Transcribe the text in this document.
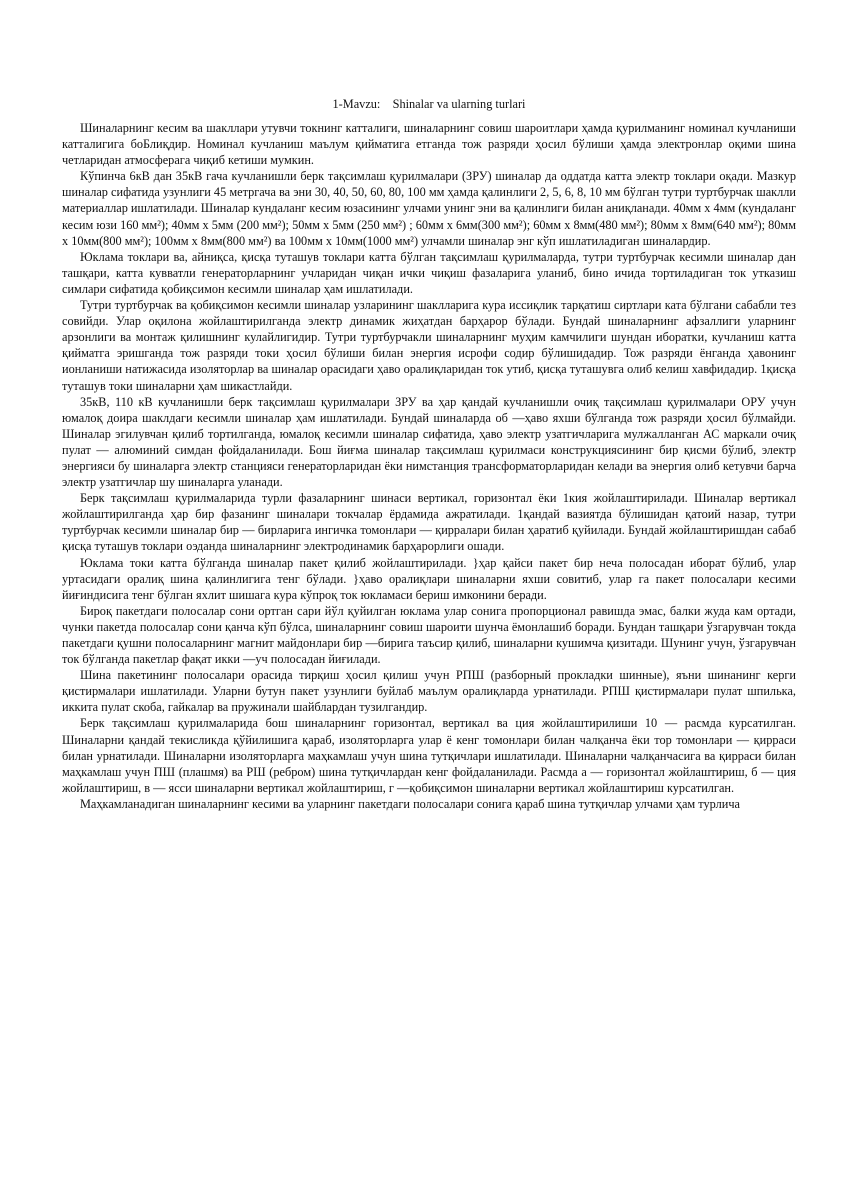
1-Mavzu:    Shinalar va ularning turlari

Шиналарнинг кесим ва шакллари утувчи токнинг катталиги, шиналарнинг совиш шароитлари ҳамда қурилманинг номинал кучланиши катталигига боБлиқдир. Номинал кучланиш маълум қийматига етганда тож разряди ҳосил бўлиши ҳамда электронлар оқими шина четларидан атмосферага чиқиб кетиши мумкин.

Кўпинча 6кВ дан 35кВ гача кучланишли берк тақсимлаш қурилмалари (ЗРУ) шиналар да оддатда катта электр токлари оқади. Мазкур шиналар сифатида узунлиги 45 метргача ва эни 30, 40, 50, 60, 80, 100 мм ҳамда қалинлиги 2, 5, 6, 8, 10 мм бўлган тутри туртбурчак шаклли материаллар ишлатилади. Шиналар кундаланг кесим юзасининг улчами унинг эни ва қалинлиги билан аниқланади. 40мм х 4мм (кундаланг кесим юзи 160 мм²); 40мм х 5мм (200 мм²); 50мм х 5мм (250 мм²) ; 60мм х 6мм(300 мм²); 60мм х 8мм(480 мм²); 80мм х 8мм(640 мм²); 80мм х 10мм(800 мм²); 100мм х 8мм(800 мм²) ва 100мм х 10мм(1000 мм²) улчамли шиналар энг кўп ишлатиладиган шиналардир.

Юклама токлари ва, айниқса, қисқа туташув токлари катта бўлган тақсимлаш қурилмаларда, тутри туртбурчак кесимли шиналар дан ташқари, катта кувватли генераторларнинг учларидан чиқан ички чиқиш фазаларига уланиб, бино ичида тортиладиган ток утказиш симлари сифатида қобиқсимон кесимли шиналар ҳам ишлатилади.

Тутри туртбурчак ва қобиқсимон кесимли шиналар узларининг шаклларига кура иссиқлик тарқатиш сиртлари ката бўлгани сабабли тез совийди. Улар оқилона жойлаштирилганда электр динамик жиҳатдан барҳарор бўлади. Бундай шиналарнинг афзаллиги уларнинг арзонлиги ва монтаж қилишнинг кулайлигидир. Тутри туртбурчакли шиналарнинг муҳим камчилиги шундан иборатки, кучланиш катта қийматга эришганда тож разряди токи ҳосил бўлиши билан энергия исрофи содир бўлишидадир. Тож разряди ёнганда ҳавонинг ионланиши натижасида изоляторлар ва шиналар орасидаги ҳаво оралиқларидан ток утиб, қисқа туташувга олиб келиш хавфидадир. 1қисқа туташув токи шиналарни ҳам шикастлайди.

35кВ, 110 кВ кучланишли берк тақсимлаш қурилмалари ЗРУ ва ҳар қандай кучланишли очиқ тақсимлаш қурилмалари ОРУ учун юмалоқ доира шаклдаги кесимли шиналар ҳам ишлатилади. Бундай шиналарда об —ҳаво яхши бўлганда тож разряди ҳосил бўлмайди. Шиналар эгилувчан қилиб тортилганда, юмалоқ кесимли шиналар сифатида, ҳаво электр узатгичларига мулжалланган АС маркали очиқ пулат — алюминий симдан фойдаланилади. Бош йиғма шиналар тақсимлаш қурилмаси конструкциясининг бир қисми бўлиб, электр энергияси бу шиналарга электр станцияси генераторларидан ёки нимстанция трансформаторларидан келади ва энергия олиб кетувчи барча электр узатгичлар шу шиналарга уланади.

Берк тақсимлаш қурилмаларида турли фазаларнинг шинаси вертикал, горизонтал ёки 1кия жойлаштирилади. Шиналар вертикал жойлаштирилганда ҳар бир фазанинг шиналари токчалар ёрдамида ажратилади. 1қандай вазиятда бўлишидан қатоий назар, тутри туртбурчак кесимли шиналар бир — бирларига ингичка томонлари — қирралари билан ҳаратиб қуйилади. Бундай жойлаштиришдан сабаб қисқа туташув токлари оэданда шиналарнинг электродинамик барҳарорлиги ошади.

Юклама токи катта бўлганда шиналар пакет қилиб жойлаштирилади. }ҳар қайси пакет бир неча полосадан иборат бўлиб, улар уртасидаги оралиқ шина қалинлигига тенг бўлади. }ҳаво оралиқлари шиналарни яхши совитиб, улар га пакет полосалари кесими йиғиндисига тенг бўлган яхлит шишага кура кўпроқ ток юкламаси бериш имконини беради.

Бироқ пакетдаги полосалар сони ортган сари йўл қуйилган юклама улар сонига пропорционал равишда эмас, балки жуда кам ортади, чунки пакетда полосалар сони қанча кўп бўлса, шиналарнинг совиш шароити шунча ёмонлашиб боради. Бундан ташқари ўзгарувчан токда пакетдаги қушни полосаларнинг магнит майдонлари бир —бирига таъсир қилиб, шиналарни кушимча қизитади. Шунинг учун, ўзгарувчан ток бўлганда пакетлар фақат икки —уч полосадан йиғилади.

Шина пакетининг полосалари орасида тирқиш ҳосил қилиш учун РПШ (разборный прокладки шинные), яъни шинанинг керги қистирмалари ишлатилади. Уларни бутун пакет узунлиги буйлаб маълум оралиқларда урнатилади. РПШ қистирмалари пулат шпилька, иккита пулат скоба, гайкалар ва пружинали шайблардан тузилгандир.

Берк тақсимлаш қурилмаларида бош шиналарнинг горизонтал, вертикал ва ция жойлаштирилиши 10 — расмда курсатилган. Шиналарни қандай текисликда қўйилишига қараб, изоляторларга улар ё кенг томонлари билан чалқанча ёки тор томонлари — қирраси билан урнатилади. Шиналарни изоляторларга маҳкамлаш учун шина тутқичлари ишлатилади. Шиналарни чалқанчасига ва қирраси билан маҳкамлаш учун ПШ (плашмя) ва РШ (ребром) шина тутқичлардан кенг фойдаланилади. Расмда а — горизонтал жойлаштириш, б — ция жойлаштириш, в — ясси шиналарни вертикал жойлаштириш, г —қобиқсимон шиналарни вертикал жойлаштириш курсатилган.

Маҳкамланадиган шиналарнинг кесими ва уларнинг пакетдаги полосалари сонига қараб шина тутқичлар улчами ҳам турлича
